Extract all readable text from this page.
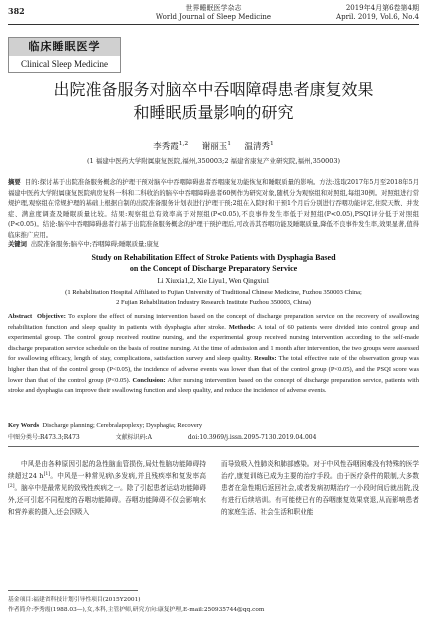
382	世界睡眠医学杂志
World Journal of Sleep Medicine
2019年4月第6卷第4期
April. 2019, Vol.6, No.4
临床睡眠医学
Clinical Sleep Medicine
出院准备服务对脑卒中吞咽障碍患者康复效果
和睡眠质量影响的研究
李秀霞$^{1,2}$ 谢丽玉$^1$ 温清秀$^1$
(1 福建中医药大学附属康复医院,福州,350003;2 福建省康复产业研究院,福州,350003)
摘要 目的:探讨基于出院准备服务概念的护理干预对脑卒中吞咽障碍患者吞咽康复功能恢复和睡眠质量的影响。方法:选取2017年5月至2018年5月福建中医药大学附属康复医院病房复科一科和二科收治的脑卒中吞咽障碍患者60例作为研究对象,随机分为观察组和对照组,每组30例。对照组进行常规护理,观察组在常规护理的基础上根据自制的出院准备服务计划表进行护理干预;2组在入院时和干预1个月后分别进行吞咽功能评定,住院天数、并发症、满意度调查及睡眠质量比较。结果:观察组总有效率高于对照组(P<0.05),不良事件发生率低于对照组(P<0.05),PSQI评分低于对照组(P<0.05)。结论:脑卒中吞咽障碍患者行基于出院准备服务概念的护理干预护理后,可改善其吞咽功能及睡眠质量,降低不良事件发生率,效果显著,值得临床推广应用。
关键词 出院准备服务;脑卒中;吞咽障碍;睡眠质量;康复
Study on Rehabilitation Effect of Stroke Patients with Dysphagia Based
on the Concept of Discharge Preparatory Service
Li Xiuxia1,2, Xie Liyu1, Wen Qingxiu1
(1 Rehabilitation Hospital Affiliated to Fujian University of Traditional Chinese Medicine, Fuzhou 350003 China;
2 Fujian Rehabilitation Industry Research Institute Fuzhou 350003, China)
Abstract Objective: To explore the effect of nursing intervention based on the concept of discharge preparation service on the recovery of swallowing rehabilitation function and sleep quality in patients with dysphagia after stroke. Methods: A total of 60 patients were divided into control group and experimental group. The control group received routine nursing, and the experimental group received nursing intervention according to the self-made discharge preparation service schedule on the basis of routine nursing. At the time of admission and 1 month after intervention, the two groups were assessed for swallowing efficacy, length of stay, complications, satisfaction survey and sleep quality. Results: The total effective rate of the observation group was higher than that of the control group (P<0.05), the incidence of adverse events was lower than that of the control group (P<0.05), and the PSQI score was lower than that of the control group (P<0.05). Conclusion: After nursing intervention based on the concept of discharge preparation service, patients with stroke and dysphagia can improve their swallowing function and sleep quality, and reduce the incidence of adverse events.
Key Words Discharge planning; Cerebralapoplexy; Dysphagia; Recovery
中图分类号:R473.3;R473	文献标识码:A	doi:10.3969/j.issn.2095-7130.2019.04.004
中风是由各种原因引起的急性脑血管损伤,局灶性脑功能障碍持续超过24 h[1]。中风是一种常见病\多发病,并且残疾率和复发率高[2]。脑卒中是最常见的致残性疾病之一。除了引起患者运动功能障碍外,还可引起不同程度的吞咽功能障碍。吞咽功能障碍不仅会影响水和营养素的摄入,还会因吸入
而导致吸入性肺炎和肺部感染。对于中风性吞咽困难没有特殊的医学治疗,康复训练已成为主要的治疗手段。由于医疗条件的限制,大多数患者在急性期后返回社会,或者发病初期治疗一小段时间后就出院,没有进行后续培训。有可能使已有的吞咽康复效果衰退,从而影响患者的家庭生活、社会生活和职业能
基金项目:福建省科技计划引导性项目(2015Y2001)
作者简介:李秀霞(1988.03—),女,本科,主管护师,研究方向:康复护理,E-mail:250935744@qq.com
